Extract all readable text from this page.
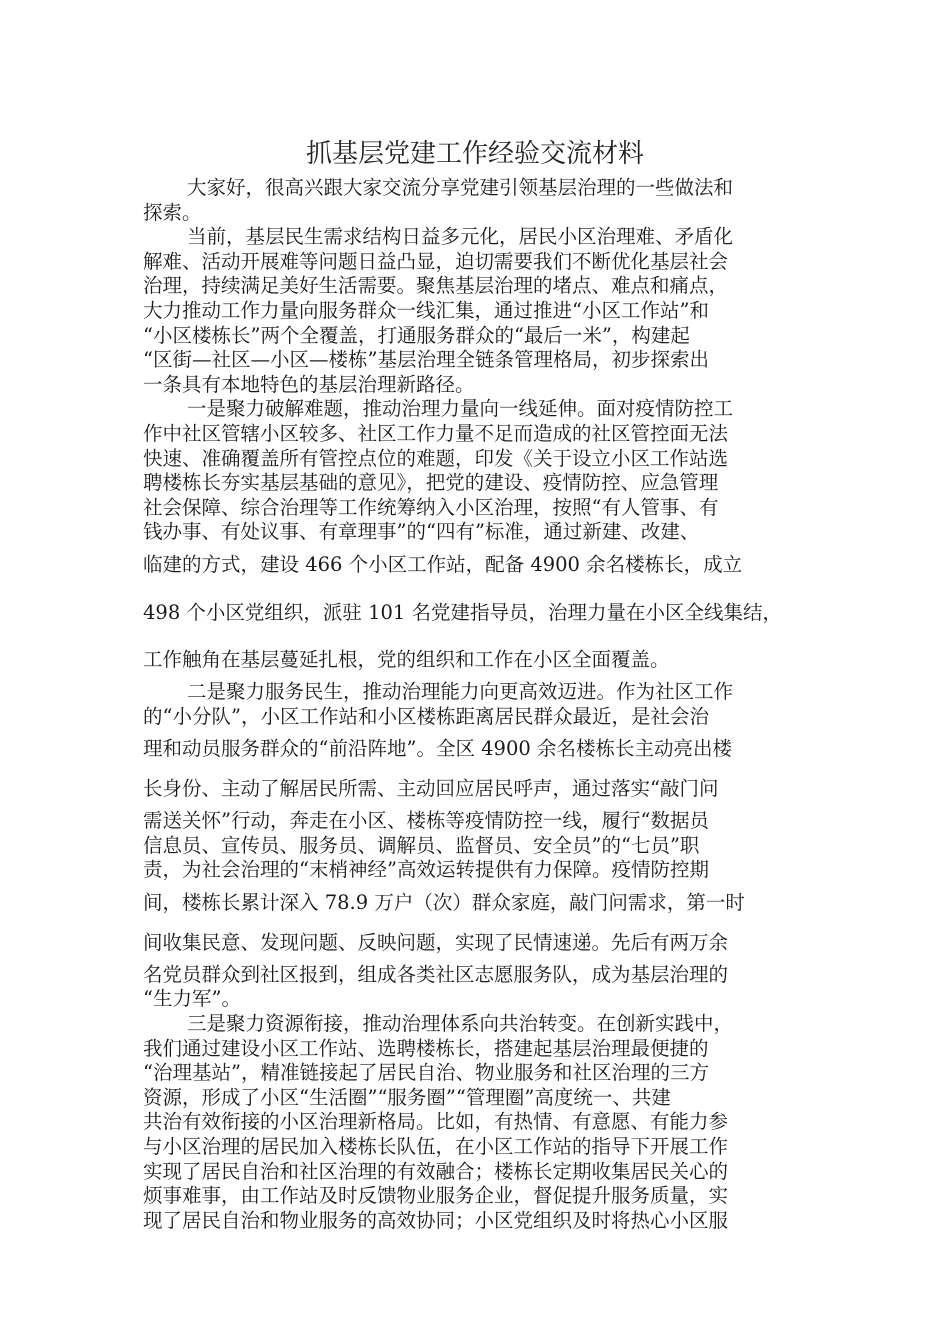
抓基层党建工作经验交流材料
大家好，很高兴跟大家交流分享党建引领基层治理的一些做法和
探索。
当前，基层民生需求结构日益多元化，居民小区治理难、矛盾化
解难、活动开展难等问题日益凸显，迫切需要我们不断优化基层社会
治理，持续满足美好生活需要。聚焦基层治理的堵点、难点和痛点，
大力推动工作力量向服务群众一线汇集，通过推进“小区工作站”和
“小区楼栋长”两个全覆盖，打通服务群众的“最后一米”，构建起
“区街—社区—小区—楼栋”基层治理全链条管理格局，初步探索出
一条具有本地特色的基层治理新路径。
一是聚力破解难题，推动治理力量向一线延伸。面对疫情防控工
作中社区管辖小区较多、社区工作力量不足而造成的社区管控面无法
快速、准确覆盖所有管控点位的难题，印发《关于设立小区工作站选
聘楼栋长夯实基层基础的意见》，把党的建设、疫情防控、应急管理
社会保障、综合治理等工作统筹纳入小区治理，按照“有人管事、有
钱办事、有处议事、有章理事”的“四有”标准，通过新建、改建、
临建的方式，建设 466 个小区工作站，配备 4900 余名楼栋长，成立
498 个小区党组织，派驻 101 名党建指导员，治理力量在小区全线集结，
工作触角在基层蔓延扎根，党的组织和工作在小区全面覆盖。
二是聚力服务民生，推动治理能力向更高效迈进。作为社区工作
的“小分队”，小区工作站和小区楼栋距离居民群众最近，是社会治
理和动员服务群众的“前沿阵地”。全区 4900 余名楼栋长主动亮出楼
长身份、主动了解居民所需、主动回应居民呼声，通过落实“敲门问
需送关怀”行动，奔走在小区、楼栋等疫情防控一线，履行“数据员
信息员、宣传员、服务员、调解员、监督员、安全员”的“七员”职
责，为社会治理的“末梢神经”高效运转提供有力保障。疫情防控期
间，楼栋长累计深入 78.9 万户（次）群众家庭，敲门问需求，第一时
间收集民意、发现问题、反映问题，实现了民情速递。先后有两万余
名党员群众到社区报到，组成各类社区志愿服务队，成为基层治理的
“生力军”。
三是聚力资源衔接，推动治理体系向共治转变。在创新实践中，
我们通过建设小区工作站、选聘楼栋长，搭建起基层治理最便捷的
“治理基站”，精准链接起了居民自治、物业服务和社区治理的三方
资源，形成了小区“生活圈”“服务圈”“管理圈”高度统一、共建
共治有效衔接的小区治理新格局。比如，有热情、有意愿、有能力参
与小区治理的居民加入楼栋长队伍，在小区工作站的指导下开展工作
实现了居民自治和社区治理的有效融合；楼栋长定期收集居民关心的
烦事难事，由工作站及时反馈物业服务企业，督促提升服务质量，实
现了居民自治和物业服务的高效协同；小区党组织及时将热心小区服
